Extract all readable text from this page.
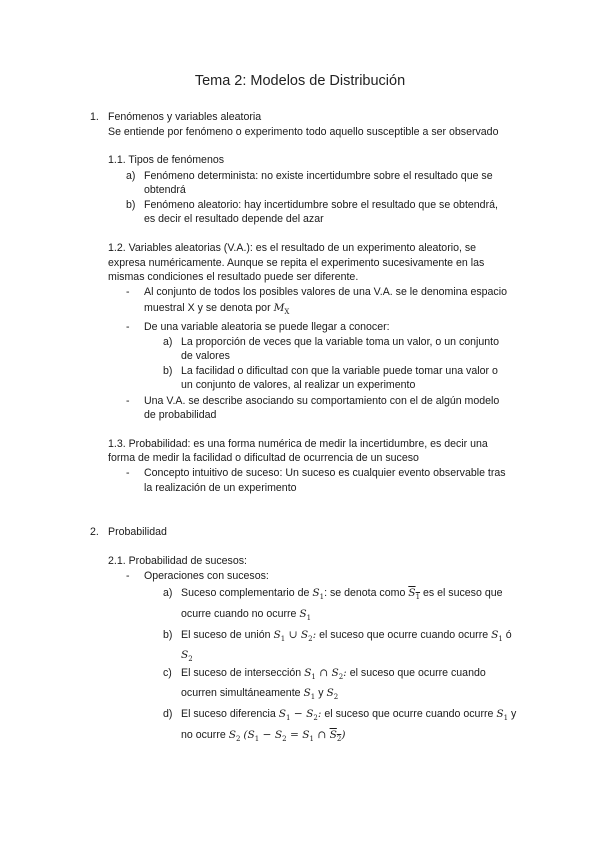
Tema 2: Modelos de Distribución
1. Fenómenos y variables aleatoria
Se entiende por fenómeno o experimento todo aquello susceptible a ser observado
1.1. Tipos de fenómenos
a) Fenómeno determinista: no existe incertidumbre sobre el resultado que se
obtendrá
b) Fenómeno aleatorio: hay incertidumbre sobre el resultado que se obtendrá,
es decir el resultado depende del azar
1.2. Variables aleatorias (V.A.): es el resultado de un experimento aleatorio, se
expresa numéricamente. Aunque se repita el experimento sucesivamente en las
mismas condiciones el resultado puede ser diferente.
- Al conjunto de todos los posibles valores de una V.A. se le denomina espacio
muestral X y se denota por $M_X$
- De una variable aleatoria se puede llegar a conocer:
a) La proporción de veces que la variable toma un valor, o un conjunto
de valores
b) La facilidad o dificultad con que la variable puede tomar una valor o
un conjunto de valores, al realizar un experimento
- Una V.A. se describe asociando su comportamiento con el de algún modelo
de probabilidad
1.3. Probabilidad: es una forma numérica de medir la incertidumbre, es decir una
forma de medir la facilidad o dificultad de ocurrencia de un suceso
- Concepto intuitivo de suceso: Un suceso es cualquier evento observable tras
la realización de un experimento
2. Probabilidad
2.1. Probabilidad de sucesos:
- Operaciones con sucesos:
a) Suceso complementario de $S_1$: se denota como $S_1$ es el suceso que
ocurre cuando no ocurre $S_1$
b) El suceso de unión $S_1$ ∪ $S_2$: el suceso que ocurre cuando ocurre $S_1$ ó
$S_2$
c) El suceso de intersección $S_1$ ∩ $S_2$: el suceso que ocurre cuando
ocurren simultáneamente $S_1$ y $S_2$
d) El suceso diferencia $S_1 - S_2$: el suceso que ocurre cuando ocurre $S_1$ y
no ocurre $S_2$ ($S_1 - S_2 = S_1$ ∩ $S_2$)
